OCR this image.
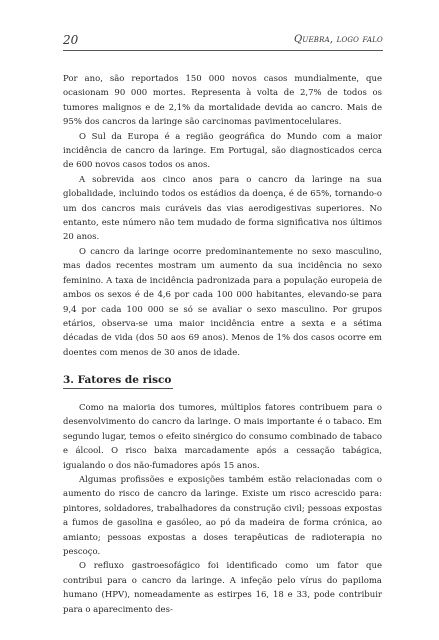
20	Quebra, logo falo

Por ano, são reportados 150 000 novos casos mundialmente, que ocasionam 90 000 mortes. Representa à volta de 2,7% de todos os tumores malignos e de 2,1% da mortalidade devida ao cancro. Mais de 95% dos cancros da laringe são carcinomas pavimentocelulares.

O Sul da Europa é a região geográfica do Mundo com a maior incidência de cancro da laringe. Em Portugal, são diagnosticados cerca de 600 novos casos todos os anos.

A sobrevida aos cinco anos para o cancro da laringe na sua globalidade, incluindo todos os estádios da doença, é de 65%, tornando-o um dos cancros mais curáveis das vias aerodigestivas superiores. No entanto, este número não tem mudado de forma significativa nos últimos 20 anos.

O cancro da laringe ocorre predominantemente no sexo masculino, mas dados recentes mostram um aumento da sua incidência no sexo feminino. A taxa de incidência padronizada para a população europeia de ambos os sexos é de 4,6 por cada 100 000 habitantes, elevando-se para 9,4 por cada 100 000 se só se avaliar o sexo masculino. Por grupos etários, observa-se uma maior incidência entre a sexta e a sétima décadas de vida (dos 50 aos 69 anos). Menos de 1% dos casos ocorre em doentes com menos de 30 anos de idade.

3. Fatores de risco

Como na maioria dos tumores, múltiplos fatores contribuem para o desenvolvimento do cancro da laringe. O mais importante é o tabaco. Em segundo lugar, temos o efeito sinérgico do consumo combinado de tabaco e álcool. O risco baixa marcadamente após a cessação tabágica, igualando o dos não-fumadores após 15 anos.

Algumas profissões e exposições também estão relacionadas com o aumento do risco de cancro da laringe. Existe um risco acrescido para: pintores, soldadores, trabalhadores da construção civil; pessoas expostas a fumos de gasolina e gasóleo, ao pó da madeira de forma crónica, ao amianto; pessoas expostas a doses terapêuticas de radioterapia no pescoço.

O refluxo gastroesofágico foi identificado como um fator que contribui para o cancro da laringe. A infeção pelo vírus do papiloma humano (HPV), nomeadamente as estirpes 16, 18 e 33, pode contribuir para o aparecimento des-
